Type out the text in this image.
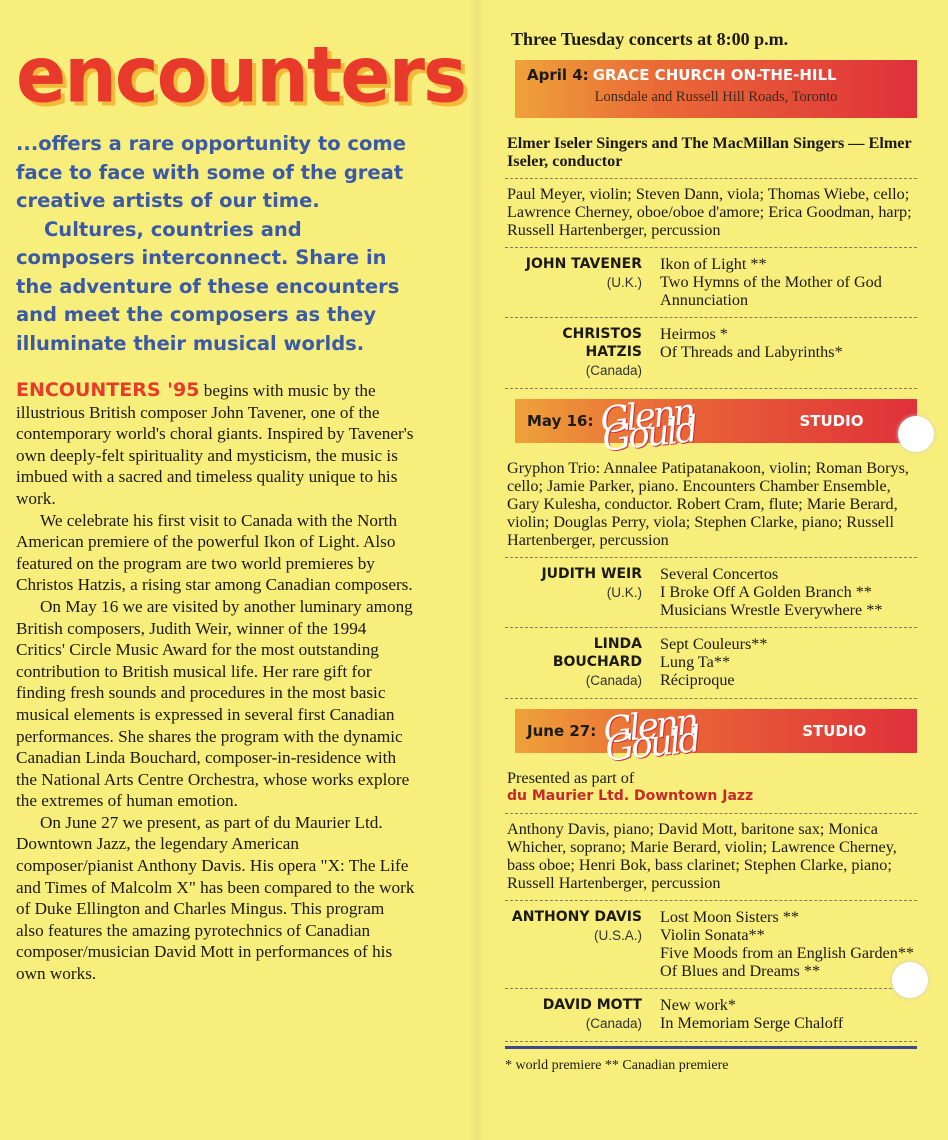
encounters

...offers a rare opportunity to come face to face with some of the great creative artists of our time.

Cultures, countries and composers interconnect. Share in the adventure of these encounters and meet the composers as they illuminate their musical worlds.

ENCOUNTERS '95 begins with music by the illustrious British composer John Tavener, one of the contemporary world's choral giants. Inspired by Tavener's own deeply-felt spirituality and mysticism, the music is imbued with a sacred and timeless quality unique to his work.

We celebrate his first visit to Canada with the North American premiere of the powerful Ikon of Light. Also featured on the program are two world premieres by Christos Hatzis, a rising star among Canadian composers.

On May 16 we are visited by another luminary among British composers, Judith Weir, winner of the 1994 Critics' Circle Music Award for the most outstanding contribution to British musical life. Her rare gift for finding fresh sounds and procedures in the most basic musical elements is expressed in several first Canadian performances. She shares the program with the dynamic Canadian Linda Bouchard, composer-in-residence with the National Arts Centre Orchestra, whose works explore the extremes of human emotion.

On June 27 we present, as part of du Maurier Ltd. Downtown Jazz, the legendary American composer/pianist Anthony Davis. His opera "X: The Life and Times of Malcolm X" has been compared to the work of Duke Ellington and Charles Mingus. This program also features the amazing pyrotechnics of Canadian composer/musician David Mott in performances of his own works.

Three Tuesday concerts at 8:00 p.m.
April 4: GRACE CHURCH ON-THE-HILL
Lonsdale and Russell Hill Roads, Toronto
Elmer Iseler Singers and The MacMillan Singers — Elmer Iseler, conductor
Paul Meyer, violin; Steven Dann, viola; Thomas Wiebe, cello; Lawrence Cherney, oboe/oboe d'amore; Erica Goodman, harp; Russell Hartenberger, percussion
JOHN TAVENER
(U.K.)
Ikon of Light **
Two Hymns of the Mother of God
Annunciation
CHRISTOS HATZIS
(Canada)
Heirmos *
Of Threads and Labyrinths*
May 16: Glenn Gould	STUDIO
Gryphon Trio: Annalee Patipatanakoon, violin; Roman Borys, cello; Jamie Parker, piano. Encounters Chamber Ensemble, Gary Kulesha, conductor. Robert Cram, flute; Marie Berard, violin; Douglas Perry, viola; Stephen Clarke, piano; Russell Hartenberger, percussion
JUDITH WEIR
(U.K.)
Several Concertos
I Broke Off A Golden Branch **
Musicians Wrestle Everywhere **
LINDA BOUCHARD
(Canada)
Sept Couleurs**
Lung Ta**
Réciproque
June 27: Glenn Gould	STUDIO
Presented as part of
du Maurier Ltd. Downtown Jazz
Anthony Davis, piano; David Mott, baritone sax; Monica Whicher, soprano; Marie Berard, violin; Lawrence Cherney, bass oboe; Henri Bok, bass clarinet; Stephen Clarke, piano; Russell Hartenberger, percussion
ANTHONY DAVIS
(U.S.A.)
Lost Moon Sisters **
Violin Sonata**
Five Moods from an English Garden**
Of Blues and Dreams **
DAVID MOTT
(Canada)
New work*
In Memoriam Serge Chaloff
* world premiere ** Canadian premiere
